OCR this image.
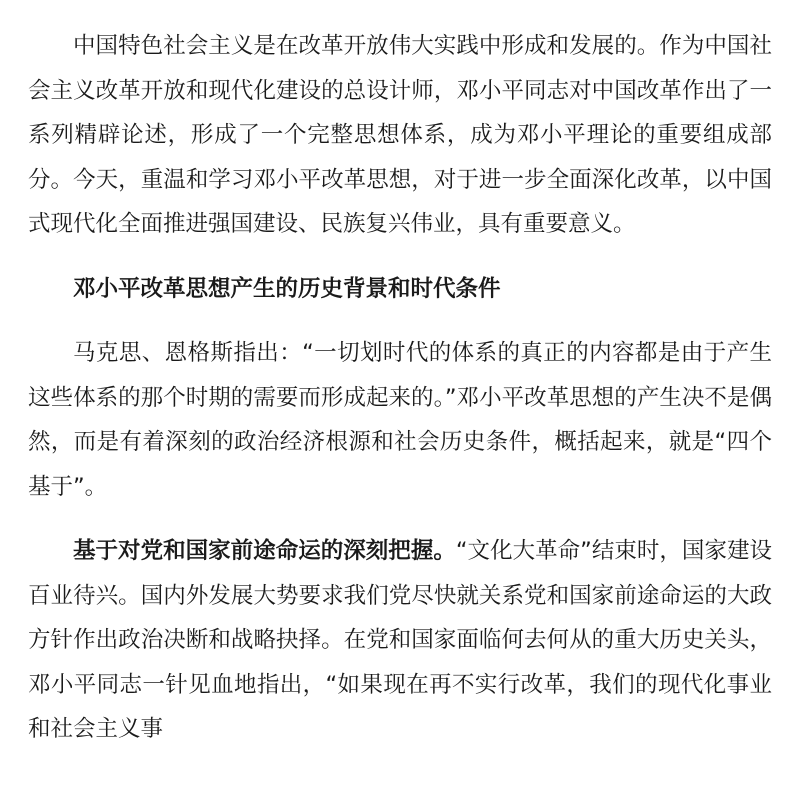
中国特色社会主义是在改革开放伟大实践中形成和发展的。作为中国社会主义改革开放和现代化建设的总设计师，邓小平同志对中国改革作出了一系列精辟论述，形成了一个完整思想体系，成为邓小平理论的重要组成部分。今天，重温和学习邓小平改革思想，对于进一步全面深化改革，以中国式现代化全面推进强国建设、民族复兴伟业，具有重要意义。

邓小平改革思想产生的历史背景和时代条件

马克思、恩格斯指出：“一切划时代的体系的真正的内容都是由于产生这些体系的那个时期的需要而形成起来的。”邓小平改革思想的产生决不是偶然，而是有着深刻的政治经济根源和社会历史条件，概括起来，就是“四个基于”。

基于对党和国家前途命运的深刻把握。“文化大革命”结束时，国家建设百业待兴。国内外发展大势要求我们党尽快就关系党和国家前途命运的大政方针作出政治决断和战略抉择。在党和国家面临何去何从的重大历史关头，邓小平同志一针见血地指出，“如果现在再不实行改革，我们的现代化事业和社会主义事
